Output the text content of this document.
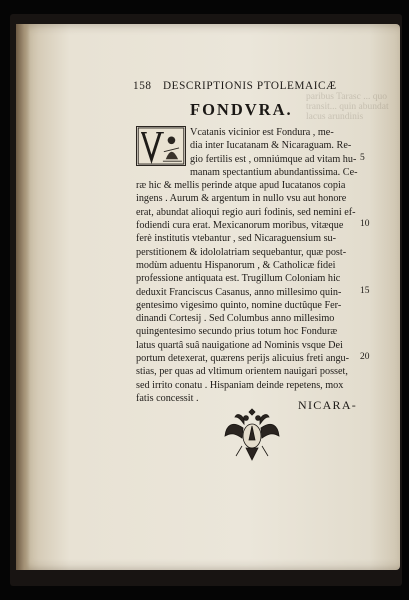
paribus Tarasc ... quo transit... quin abundat lacus arundinis
158 DESCRIPTIONIS PTOLEMAICÆ
FONDVRA.
Vcatanis vicinior est Fondura , me-
dia inter Iucatanam & Nicaraguam. Re-
gio fertilis est , omniúmque ad vitam hu-
manam spectantium abundantissima. Ce-
ræ hic & mellis perinde atque apud Iucatanos copia
ingens . Aurum & argentum in nullo vsu aut honore
erat, abundat alioqui regio auri fodinis, sed nemini ef-
fodiendi cura erat. Mexicanorum moribus, vitæque
ferè institutis vtebantur , sed Nicaraguensium su-
perstitionem & idololatriam sequebantur, quæ post-
modùm aduentu Hispanorum , & Catholicæ fidei
professione antiquata est. Trugillum Coloniam hic
deduxit Franciscus Casanus, anno millesimo quin-
gentesimo vigesimo quinto, nomine ductûque Fer-
dinandi Cortesij . Sed Columbus anno millesimo
quingentesimo secundo prius totum hoc Fonduræ
latus quartâ suâ nauigatione ad Nominis vsque Dei
portum detexerat, quærens perijs alicuius freti angu-
stias, per quas ad vltimum orientem nauigari posset,
sed irrito conatu . Hispaniam deinde repetens, mox
fatis concessit .
5
10
15
20
NICARA-
